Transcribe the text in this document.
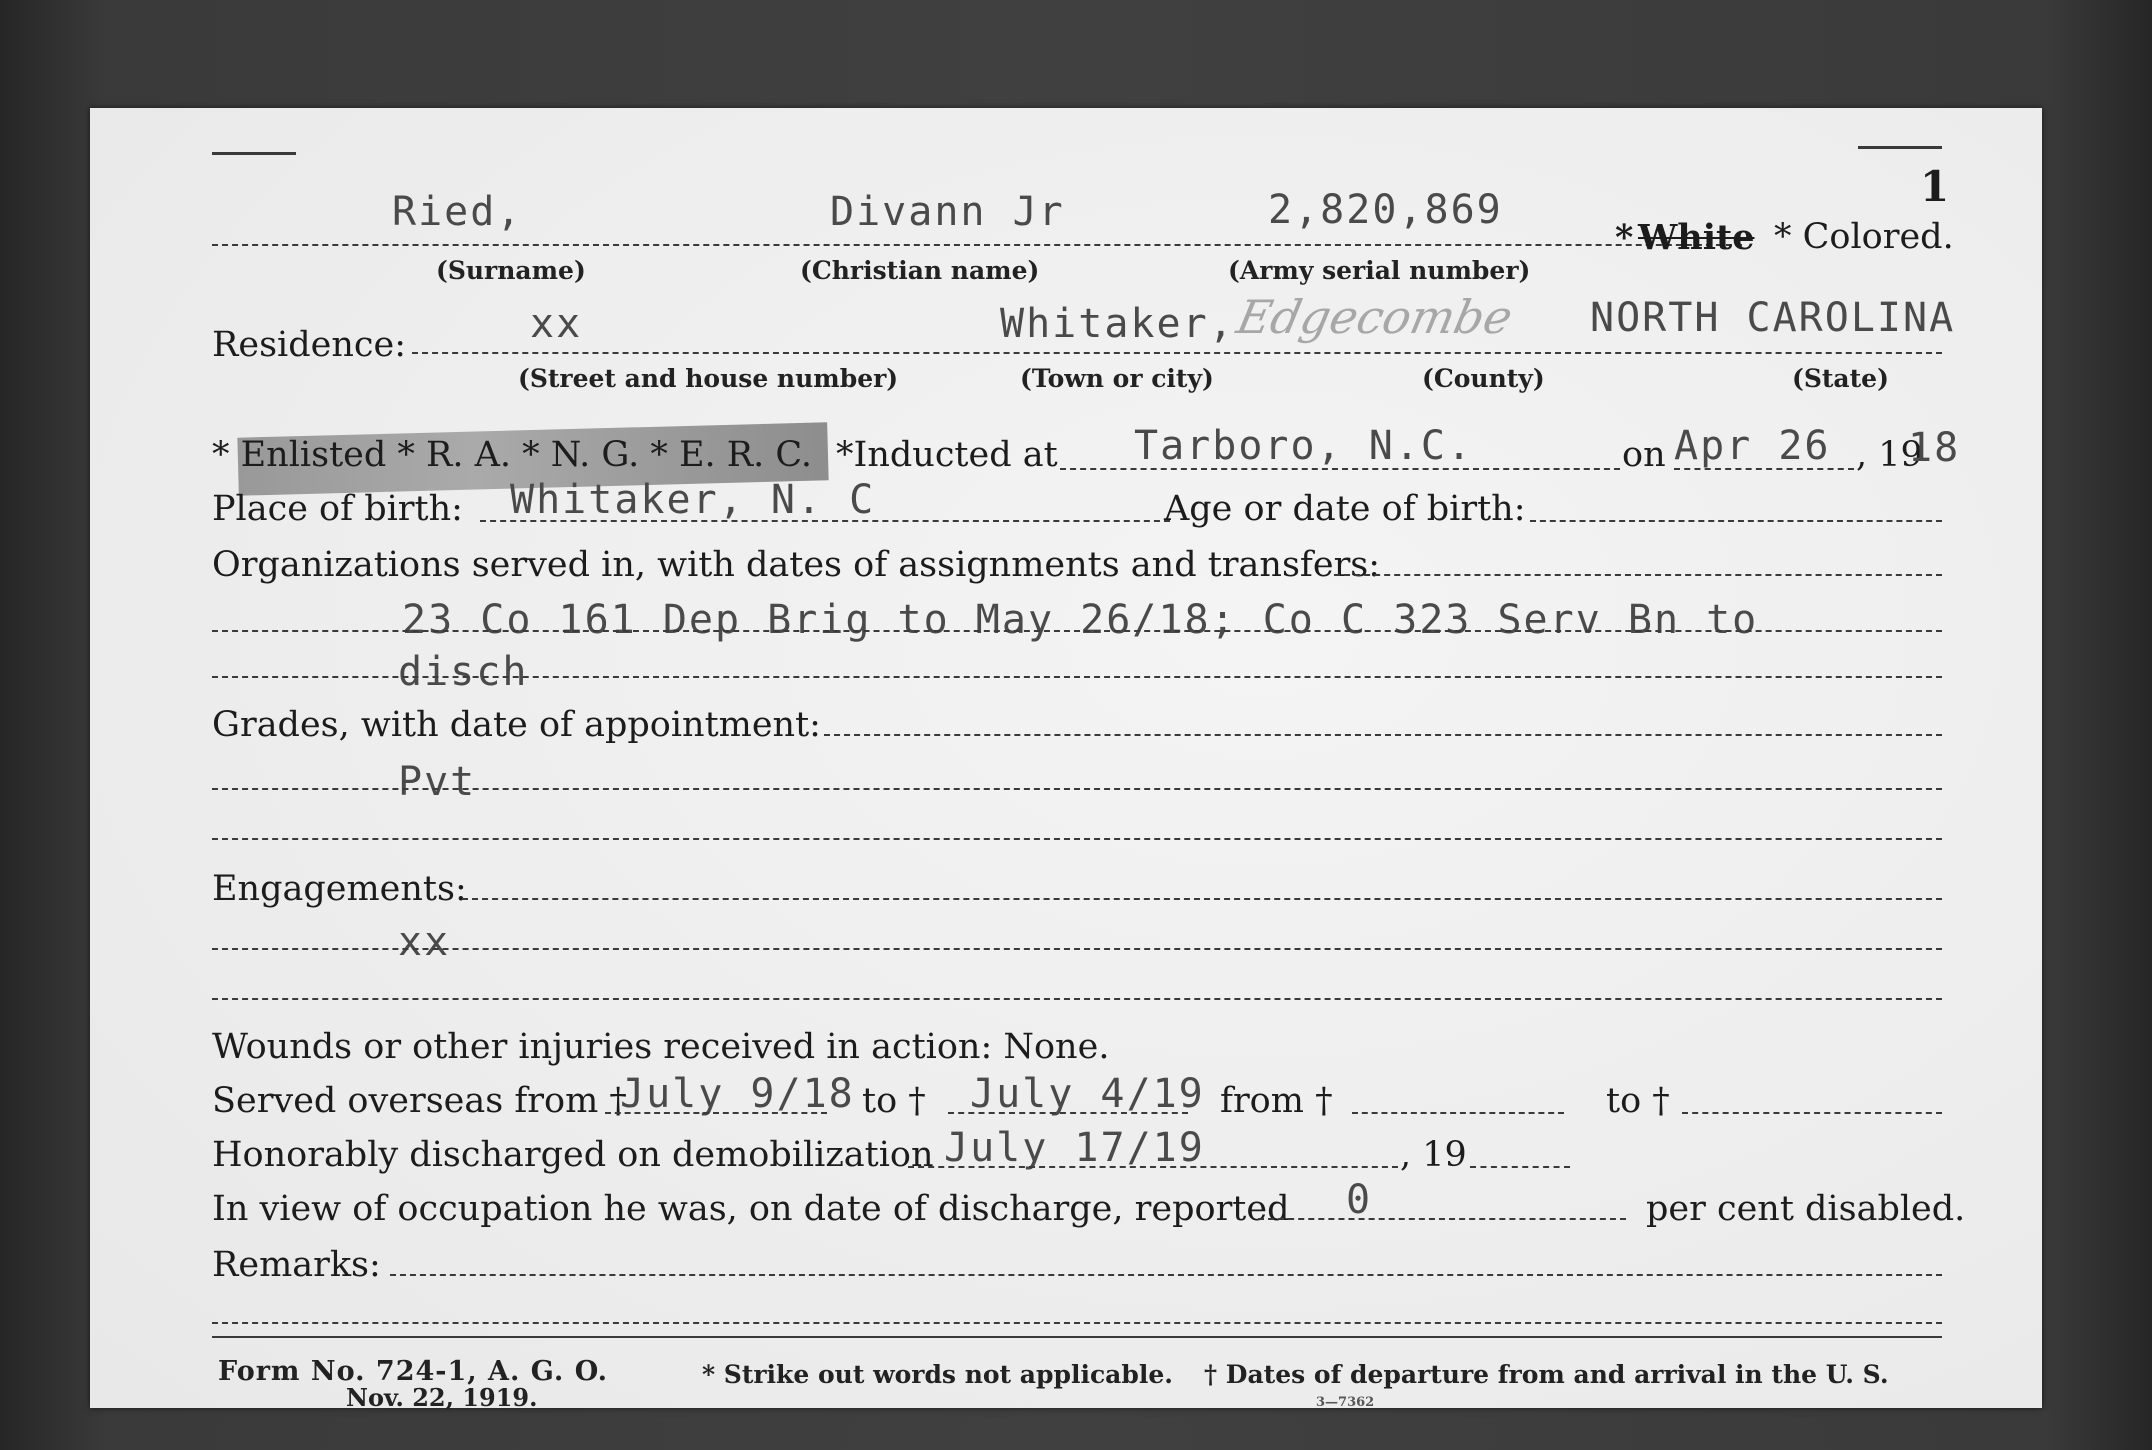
1
Ried,	Divann Jr	2,820,869
* White * Colored.
(Surname)	(Christian name)	(Army serial number)
Residence:	xx	Whitaker,
Edgecombe NORTH CAROLINA
(Street and house number)	(Town or city)	(County)	(State)
* Enlisted * R. A. * N. G. * E. R. C. *Inducted at Tarboro, N.C.	on Apr 26 , 19
18
Place of birth: Whitaker, N. C	Age or date of birth:
Organizations served in, with dates of assignments and transfers:
23 Co 161 Dep Brig to May 26/18; Co C 323 Serv Bn to
disch
Grades, with date of appointment:
Pvt
Engagements:
xx
Wounds or other injuries received in action: None.
Served overseas from †
July 9/18 to † July 4/19 from †	to †
Honorably discharged on demobilization July 17/19	, 19
In view of occupation he was, on date of discharge, reported 0	per cent disabled.
Remarks:
Form No. 724-1, A. G. O.
Nov. 22, 1919.
* Strike out words not applicable. † Dates of departure from and arrival in the U. S.
3—7362
